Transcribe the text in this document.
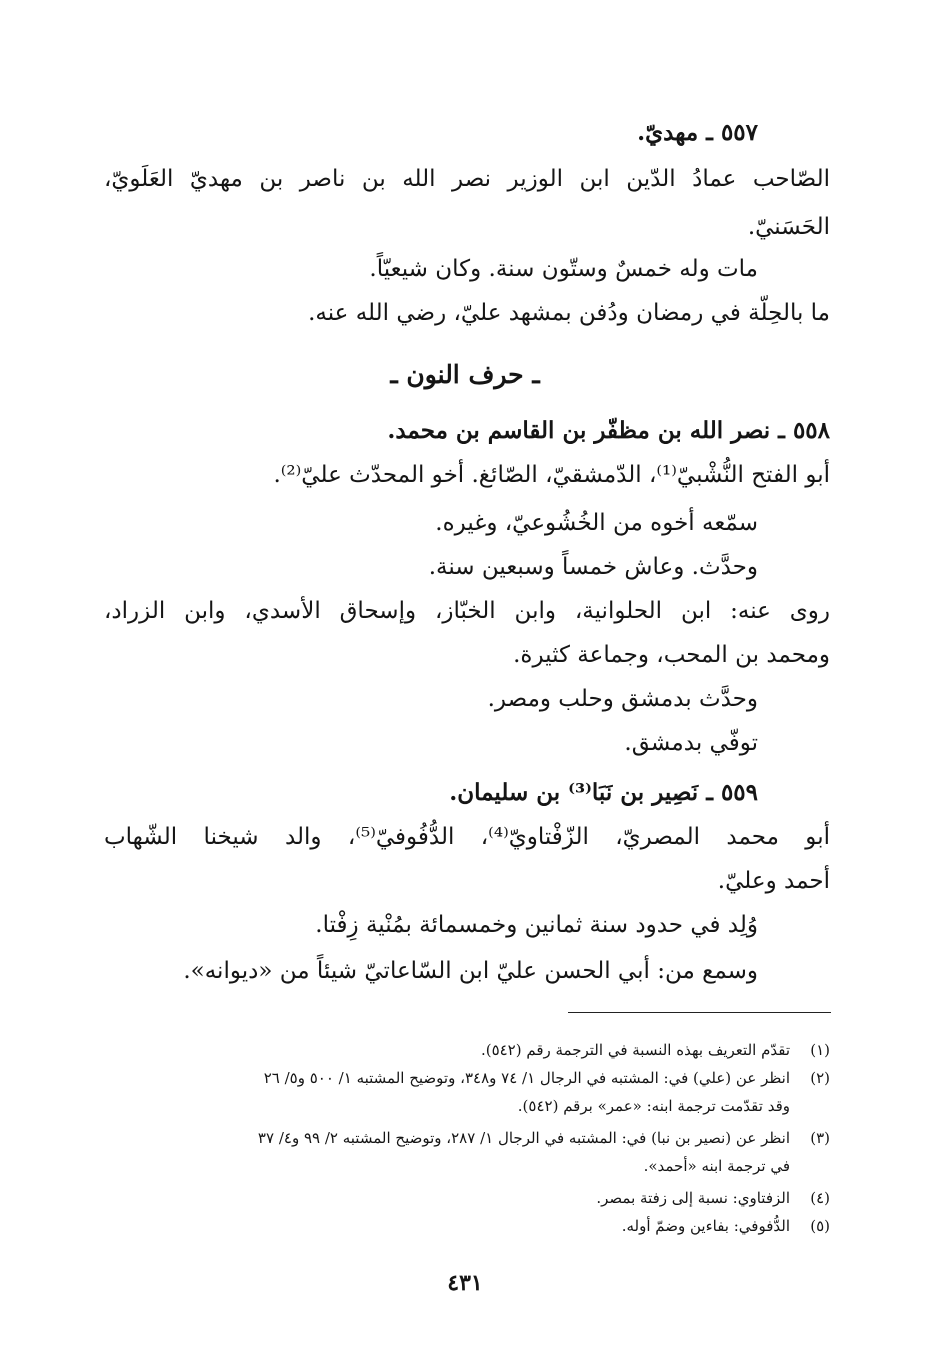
٥٥٧ ـ مهديّ.
الصّاحب عمادُ الدّين ابن الوزير نصر الله بن ناصر بن مهديّ العَلَويّ،
الحَسَنيّ.
مات وله خمسٌ وستّون سنة. وكان شيعيّاً.
ما بالحِلّة في رمضان ودُفن بمشهد عليّ، رضي الله عنه.
ـ حرف النون ـ
٥٥٨ ـ نصر الله بن مظفّر بن القاسم بن محمد.
أبو الفتح النُّشْبيّ⁽¹⁾، الدّمشقيّ، الصّائغ. أخو المحدّث عليّ⁽²⁾.
سمّعه أخوه من الخُشُوعيّ، وغيره.
وحدَّث. وعاش خمساً وسبعين سنة.
روى عنه: ابن الحلوانية، وابن الخبّاز، وإسحاق الأسدي، وابن الزراد،
ومحمد بن المحب، وجماعة كثيرة.
وحدَّث بدمشق وحلب ومصر.
توفّي بدمشق.
٥٥٩ ـ نَصِير بن نَبَا⁽³⁾ بن سليمان.
أبو محمد المصريّ، الزّفْتاويّ⁽⁴⁾، الدُّفُوفيّ⁽⁵⁾، والد شيخنا الشّهاب
أحمد وعليّ.
وُلِد في حدود سنة ثمانين وخمسمائة بمُنْية زِفْتا.
وسمع من: أبي الحسن عليّ ابن السّاعاتيّ شيئاً من «ديوانه».
(١)
تقدّم التعريف بهذه النسبة في الترجمة رقم (٥٤٢).
(٢)
انظر عن (علي) في: المشتبه في الرجال ١/ ٧٤ و٣٤٨، وتوضيح المشتبه ١/ ٥٠٠ و٥/ ٢٦
وقد تقدّمت ترجمة ابنه: «عمر» برقم (٥٤٢).
(٣)
انظر عن (نصير بن نبا) في: المشتبه في الرجال ١/ ٢٨٧، وتوضيح المشتبه ٢/ ٩٩ و٤/ ٣٧
في ترجمة ابنه «أحمد».
(٤)
الزفتاوي: نسبة إلى زفتة بمصر.
(٥)
الدُّفوفي: بفاءين وضمّ أوله.
٤٣١
